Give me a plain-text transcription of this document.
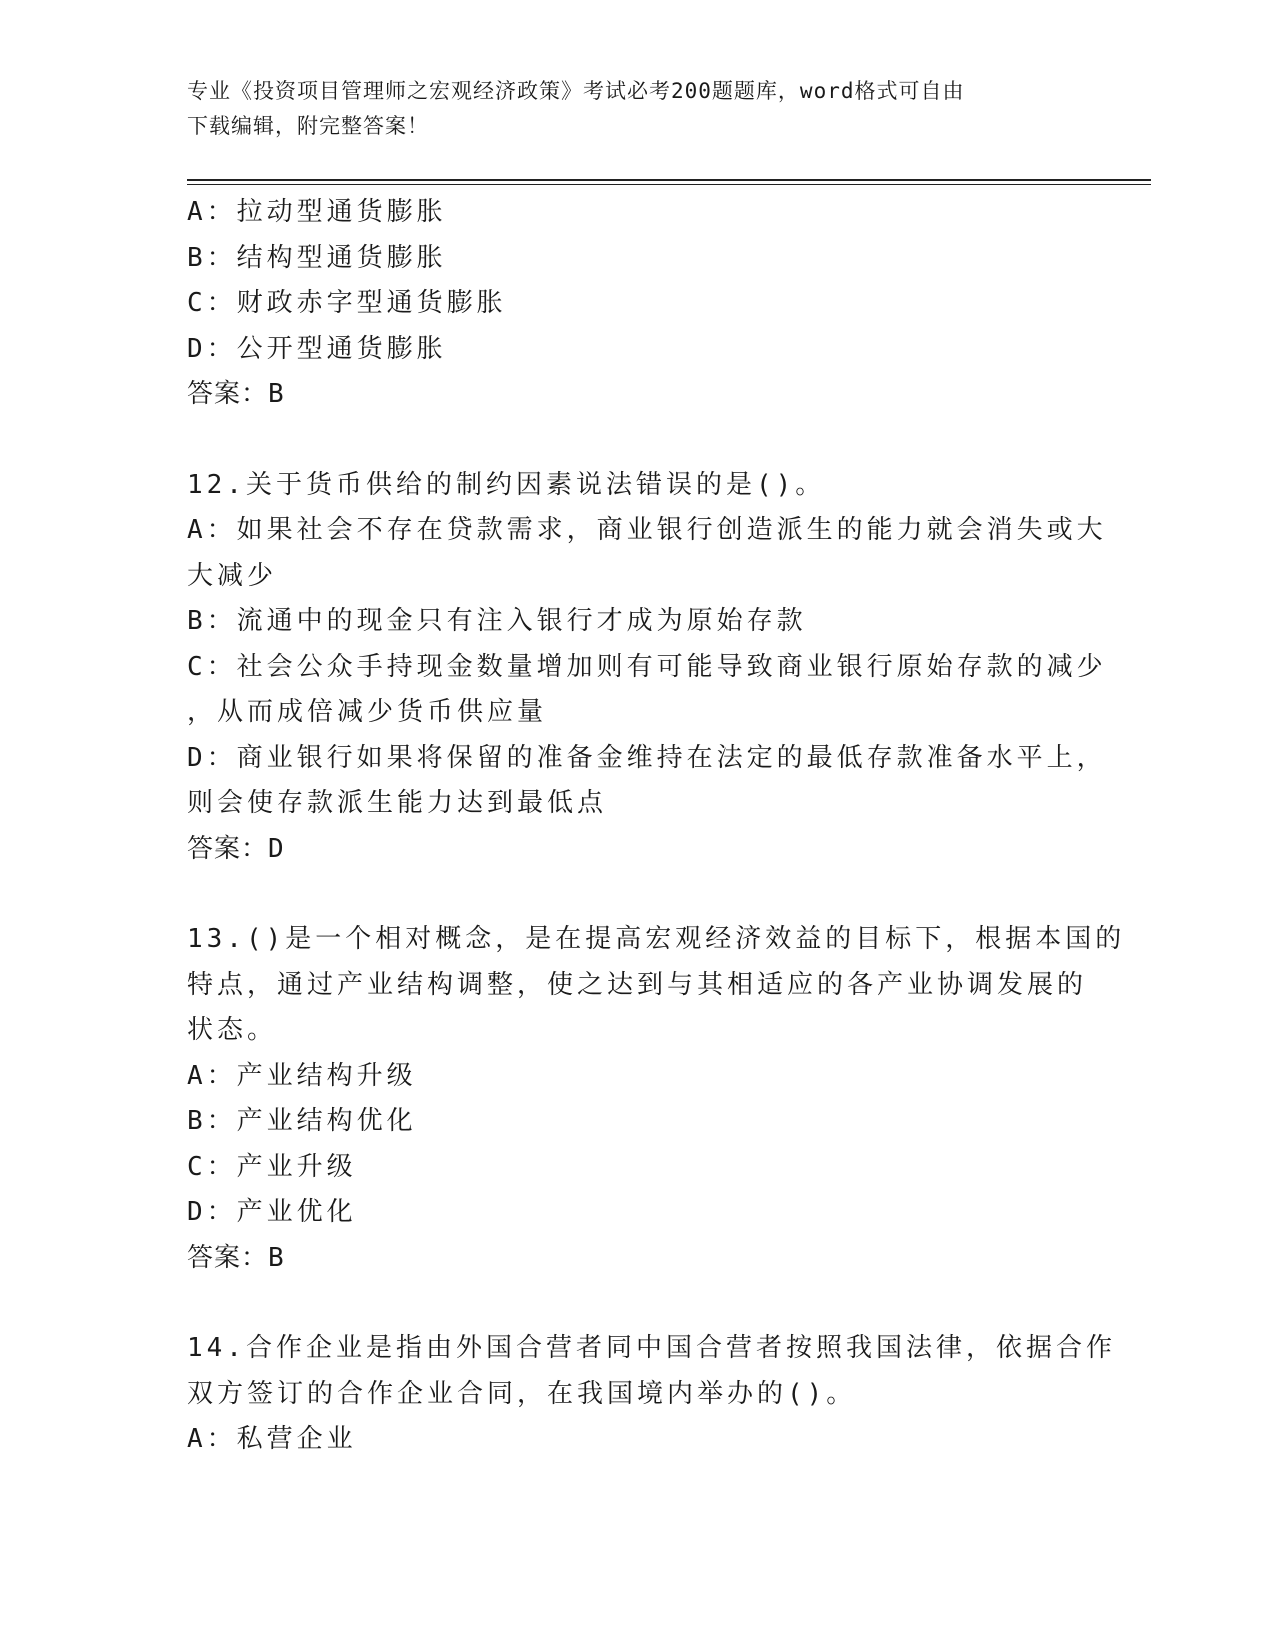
专业《投资项目管理师之宏观经济政策》考试必考200题题库，word格式可自由
下载编辑，附完整答案！
A：拉动型通货膨胀
B：结构型通货膨胀
C：财政赤字型通货膨胀
D：公开型通货膨胀
答案：B
12.关于货币供给的制约因素说法错误的是()。
A：如果社会不存在贷款需求，商业银行创造派生的能力就会消失或大
大减少
B：流通中的现金只有注入银行才成为原始存款
C：社会公众手持现金数量增加则有可能导致商业银行原始存款的减少
，从而成倍减少货币供应量
D：商业银行如果将保留的准备金维持在法定的最低存款准备水平上，
则会使存款派生能力达到最低点
答案：D
13.()是一个相对概念，是在提高宏观经济效益的目标下，根据本国的
特点，通过产业结构调整，使之达到与其相适应的各产业协调发展的
状态。
A：产业结构升级
B：产业结构优化
C：产业升级
D：产业优化
答案：B
14.合作企业是指由外国合营者同中国合营者按照我国法律，依据合作
双方签订的合作企业合同，在我国境内举办的()。
A：私营企业
